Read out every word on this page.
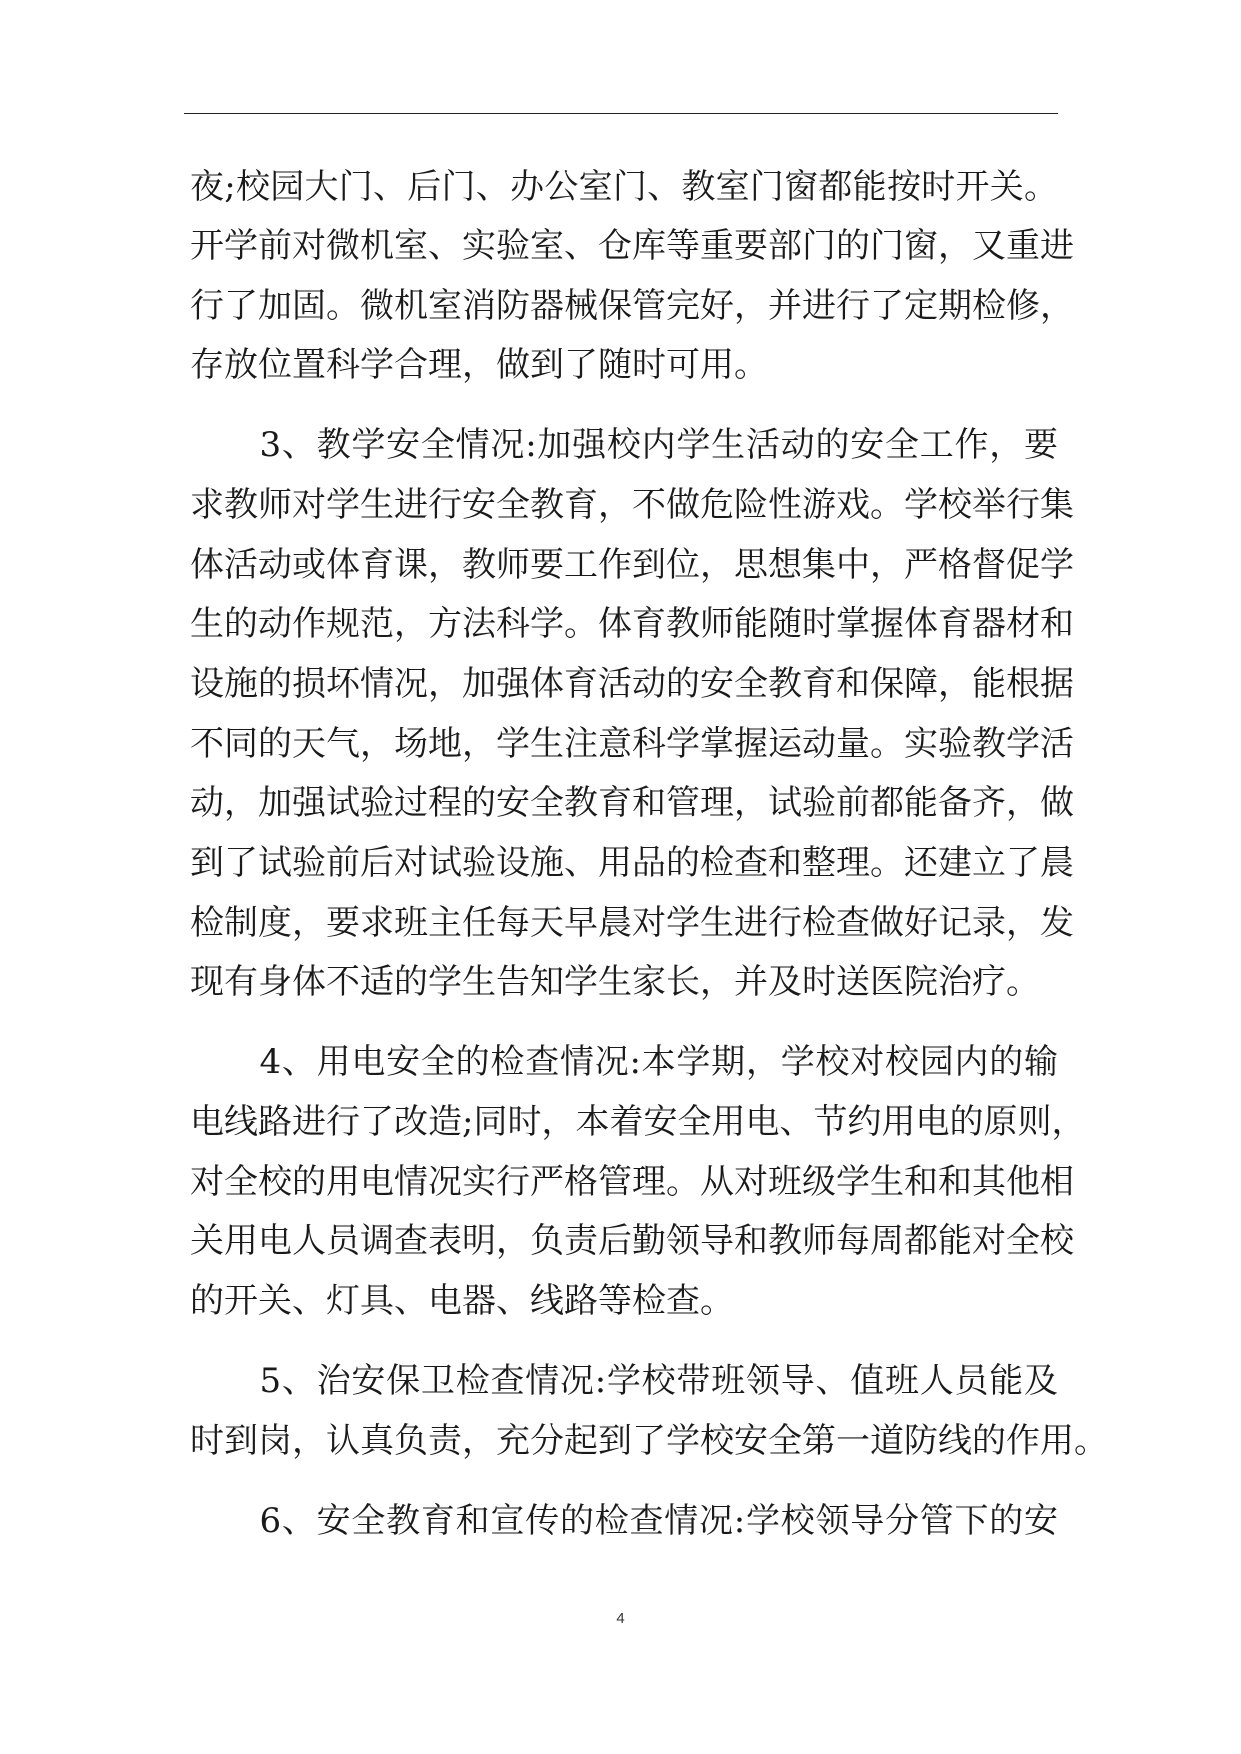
夜;校园大门、后门、办公室门、教室门窗都能按时开关。
开学前对微机室、实验室、仓库等重要部门的门窗，又重进
行了加固。微机室消防器械保管完好，并进行了定期检修，
存放位置科学合理，做到了随时可用。
　　3、教学安全情况:加强校内学生活动的安全工作，要
求教师对学生进行安全教育，不做危险性游戏。学校举行集
体活动或体育课，教师要工作到位，思想集中，严格督促学
生的动作规范，方法科学。体育教师能随时掌握体育器材和
设施的损坏情况，加强体育活动的安全教育和保障，能根据
不同的天气，场地，学生注意科学掌握运动量。实验教学活
动，加强试验过程的安全教育和管理，试验前都能备齐，做
到了试验前后对试验设施、用品的检查和整理。还建立了晨
检制度，要求班主任每天早晨对学生进行检查做好记录，发
现有身体不适的学生告知学生家长，并及时送医院治疗。
　　4、用电安全的检查情况:本学期，学校对校园内的输
电线路进行了改造;同时，本着安全用电、节约用电的原则，
对全校的用电情况实行严格管理。从对班级学生和和其他相
关用电人员调查表明，负责后勤领导和教师每周都能对全校
的开关、灯具、电器、线路等检查。
　　5、治安保卫检查情况:学校带班领导、值班人员能及
时到岗，认真负责，充分起到了学校安全第一道防线的作用。
　　6、安全教育和宣传的检查情况:学校领导分管下的安
4
